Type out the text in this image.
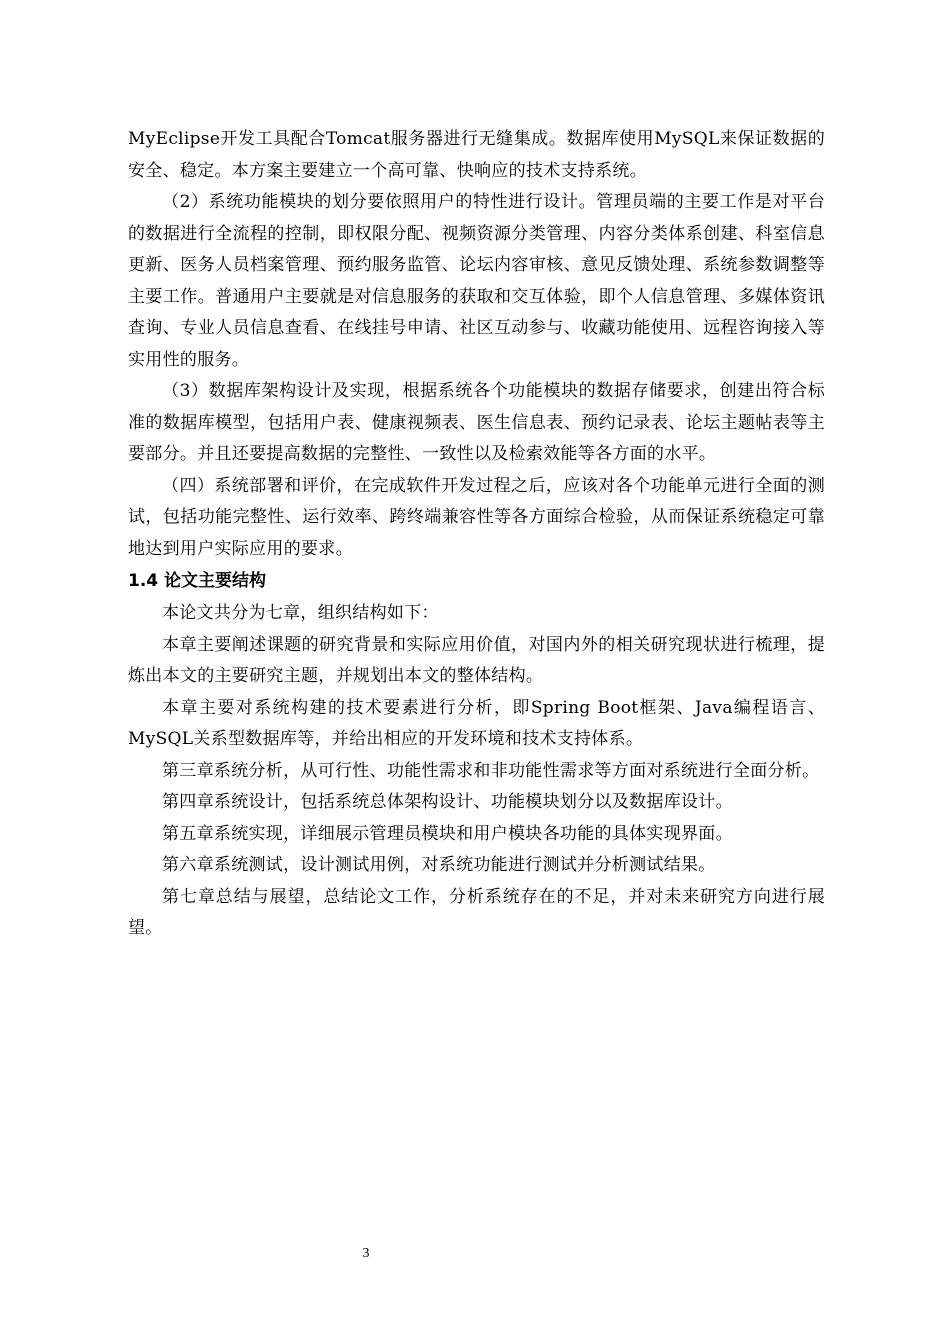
MyEclipse开发工具配合Tomcat服务器进行无缝集成。数据库使用MySQL来保证数据的安全、稳定。本方案主要建立一个高可靠、快响应的技术支持系统。

（2）系统功能模块的划分要依照用户的特性进行设计。管理员端的主要工作是对平台的数据进行全流程的控制，即权限分配、视频资源分类管理、内容分类体系创建、科室信息更新、医务人员档案管理、预约服务监管、论坛内容审核、意见反馈处理、系统参数调整等主要工作。普通用户主要就是对信息服务的获取和交互体验，即个人信息管理、多媒体资讯查询、专业人员信息查看、在线挂号申请、社区互动参与、收藏功能使用、远程咨询接入等实用性的服务。

（3）数据库架构设计及实现，根据系统各个功能模块的数据存储要求，创建出符合标准的数据库模型，包括用户表、健康视频表、医生信息表、预约记录表、论坛主题帖表等主要部分。并且还要提高数据的完整性、一致性以及检索效能等各方面的水平。

（四）系统部署和评价，在完成软件开发过程之后，应该对各个功能单元进行全面的测试，包括功能完整性、运行效率、跨终端兼容性等各方面综合检验，从而保证系统稳定可靠地达到用户实际应用的要求。

1.4 论文主要结构

本论文共分为七章，组织结构如下：

本章主要阐述课题的研究背景和实际应用价值，对国内外的相关研究现状进行梳理，提炼出本文的主要研究主题，并规划出本文的整体结构。

本章主要对系统构建的技术要素进行分析，即Spring Boot框架、Java编程语言、MySQL关系型数据库等，并给出相应的开发环境和技术支持体系。

第三章系统分析，从可行性、功能性需求和非功能性需求等方面对系统进行全面分析。

第四章系统设计，包括系统总体架构设计、功能模块划分以及数据库设计。

第五章系统实现，详细展示管理员模块和用户模块各功能的具体实现界面。

第六章系统测试，设计测试用例，对系统功能进行测试并分析测试结果。

第七章总结与展望，总结论文工作，分析系统存在的不足，并对未来研究方向进行展望。

3
